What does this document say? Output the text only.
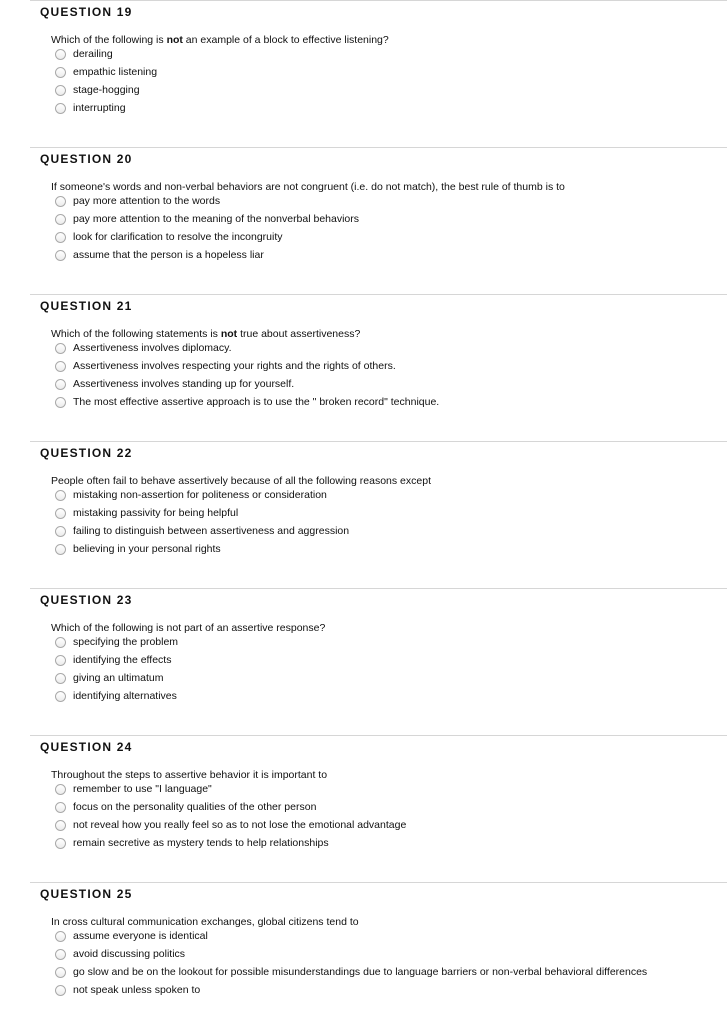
QUESTION 19
Which of the following is not an example of a block to effective listening?
derailing
empathic listening
stage-hogging
interrupting
QUESTION 20
If someone's words and non-verbal behaviors are not congruent (i.e. do not match), the best rule of thumb is to
pay more attention to the words
pay more attention to the meaning of the nonverbal behaviors
look for clarification to resolve the incongruity
assume that the person is a hopeless liar
QUESTION 21
Which of the following statements is not true about assertiveness?
Assertiveness involves diplomacy.
Assertiveness involves respecting your rights and the rights of others.
Assertiveness involves standing up for yourself.
The most effective assertive approach is to use the " broken record" technique.
QUESTION 22
People often fail to behave assertively because of all the following reasons except
mistaking non-assertion for politeness or consideration
mistaking passivity for being helpful
failing to distinguish between assertiveness and aggression
believing in your personal rights
QUESTION 23
Which of the following is not part of an assertive response?
specifying the problem
identifying the effects
giving an ultimatum
identifying alternatives
QUESTION 24
Throughout the steps to assertive behavior it is important to
remember to use "I language"
focus on the personality qualities of the other person
not reveal how you really feel so as to not lose the emotional advantage
remain secretive as mystery tends to help relationships
QUESTION 25
In cross cultural communication exchanges, global citizens tend to
assume everyone is identical
avoid discussing politics
go slow and be on the lookout for possible misunderstandings due to language barriers or non-verbal behavioral differences
not speak unless spoken to
